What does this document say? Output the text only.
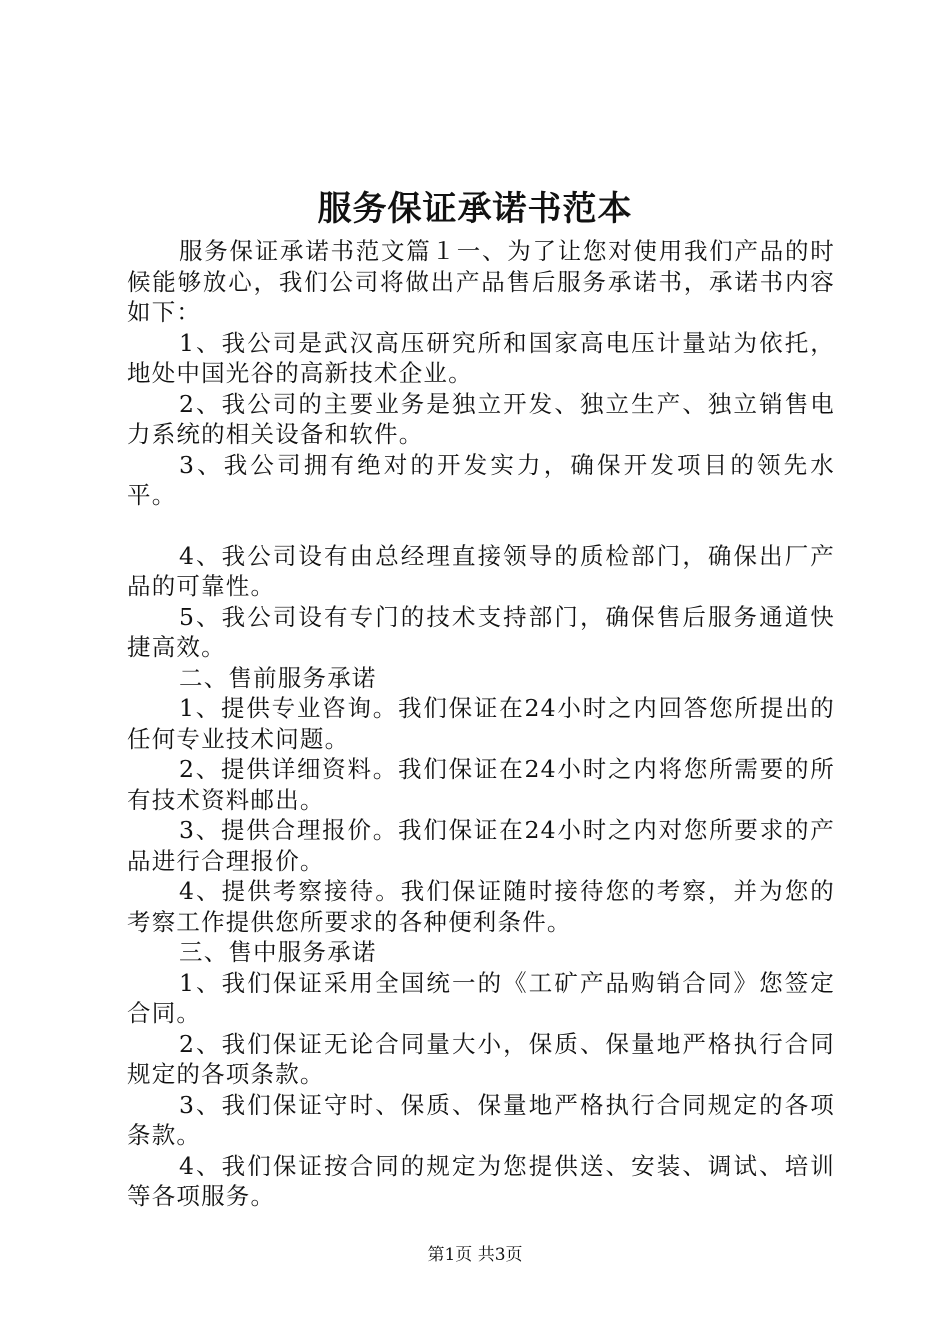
服务保证承诺书范本

服务保证承诺书范文篇１一、为了让您对使用我们产品的时候能够放心，我们公司将做出产品售后服务承诺书，承诺书内容如下：

1、我公司是武汉高压研究所和国家高电压计量站为依托，地处中国光谷的高新技术企业。

2、我公司的主要业务是独立开发、独立生产、独立销售电力系统的相关设备和软件。

3、我公司拥有绝对的开发实力，确保开发项目的领先水平。

4、我公司设有由总经理直接领导的质检部门，确保出厂产品的可靠性。

5、我公司设有专门的技术支持部门，确保售后服务通道快捷高效。

二、售前服务承诺

1、提供专业咨询。我们保证在24小时之内回答您所提出的任何专业技术问题。

2、提供详细资料。我们保证在24小时之内将您所需要的所有技术资料邮出。

3、提供合理报价。我们保证在24小时之内对您所要求的产品进行合理报价。

4、提供考察接待。我们保证随时接待您的考察，并为您的考察工作提供您所要求的各种便利条件。

三、售中服务承诺

1、我们保证采用全国统一的《工矿产品购销合同》您签定合同。

2、我们保证无论合同量大小，保质、保量地严格执行合同规定的各项条款。

3、我们保证守时、保质、保量地严格执行合同规定的各项条款。

4、我们保证按合同的规定为您提供送、安装、调试、培训等各项服务。

第1页 共3页
